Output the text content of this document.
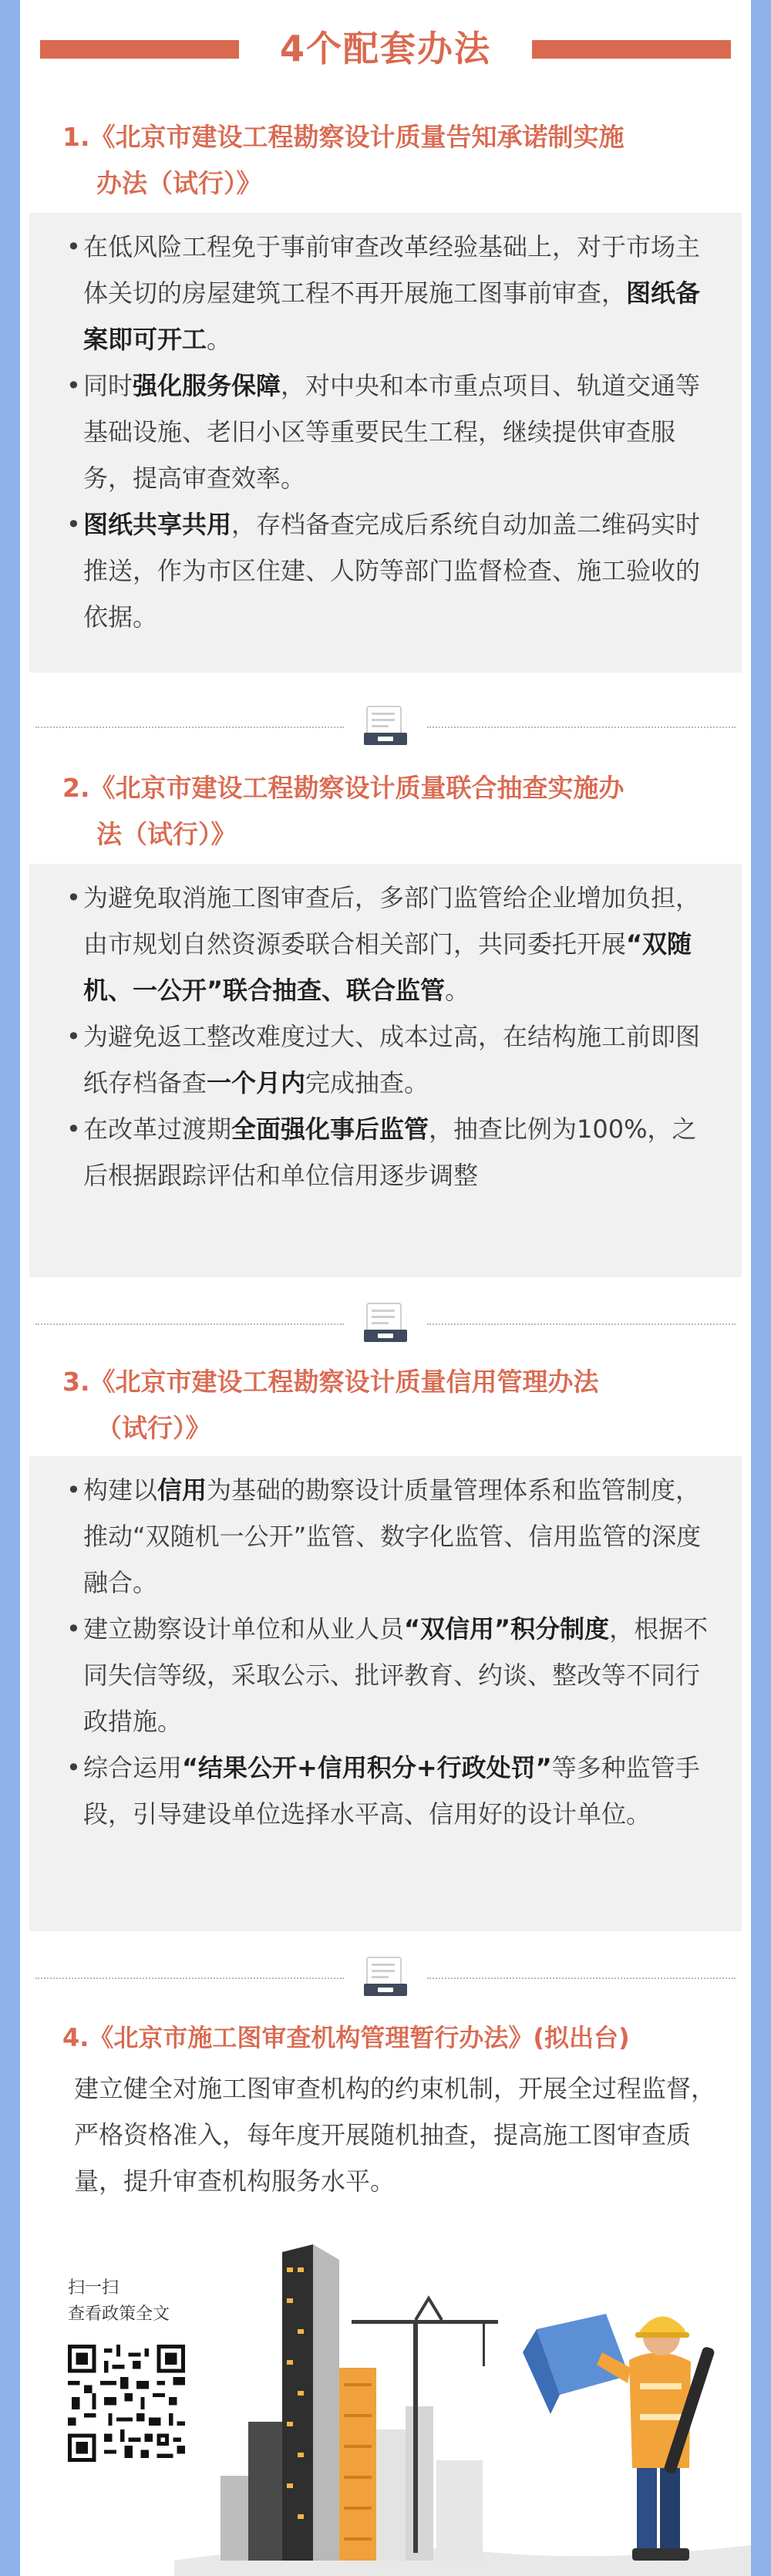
4个配套办法
1.《北京市建设工程勘察设计质量告知承诺制实施
办法（试行）》
• 在低风险工程免于事前审查改革经验基础上，对于市场主体关切的房屋建筑工程不再开展施工图事前审查，图纸备案即可开工。
• 同时强化服务保障，对中央和本市重点项目、轨道交通等基础设施、老旧小区等重要民生工程，继续提供审查服务，提高审查效率。
• 图纸共享共用，存档备查完成后系统自动加盖二维码实时推送，作为市区住建、人防等部门监督检查、施工验收的依据。
2.《北京市建设工程勘察设计质量联合抽查实施办
法（试行）》
• 为避免取消施工图审查后，多部门监管给企业增加负担，由市规划自然资源委联合相关部门，共同委托开展“双随机、一公开”联合抽查、联合监管。
• 为避免返工整改难度过大、成本过高，在结构施工前即图纸存档备查一个月内完成抽查。
• 在改革过渡期全面强化事后监管，抽查比例为100%，之后根据跟踪评估和单位信用逐步调整
3.《北京市建设工程勘察设计质量信用管理办法
（试行）》
• 构建以信用为基础的勘察设计质量管理体系和监管制度，推动“双随机一公开”监管、数字化监管、信用监管的深度融合。
• 建立勘察设计单位和从业人员“双信用”积分制度，根据不同失信等级，采取公示、批评教育、约谈、整改等不同行政措施。
• 综合运用“结果公开+信用积分+行政处罚”等多种监管手段，引导建设单位选择水平高、信用好的设计单位。
4.《北京市施工图审查机构管理暂行办法》(拟出台)
建立健全对施工图审查机构的约束机制，开展全过程监督，严格资格准入，每年度开展随机抽查，提高施工图审查质量，提升审查机构服务水平。
扫一扫
查看政策全文
